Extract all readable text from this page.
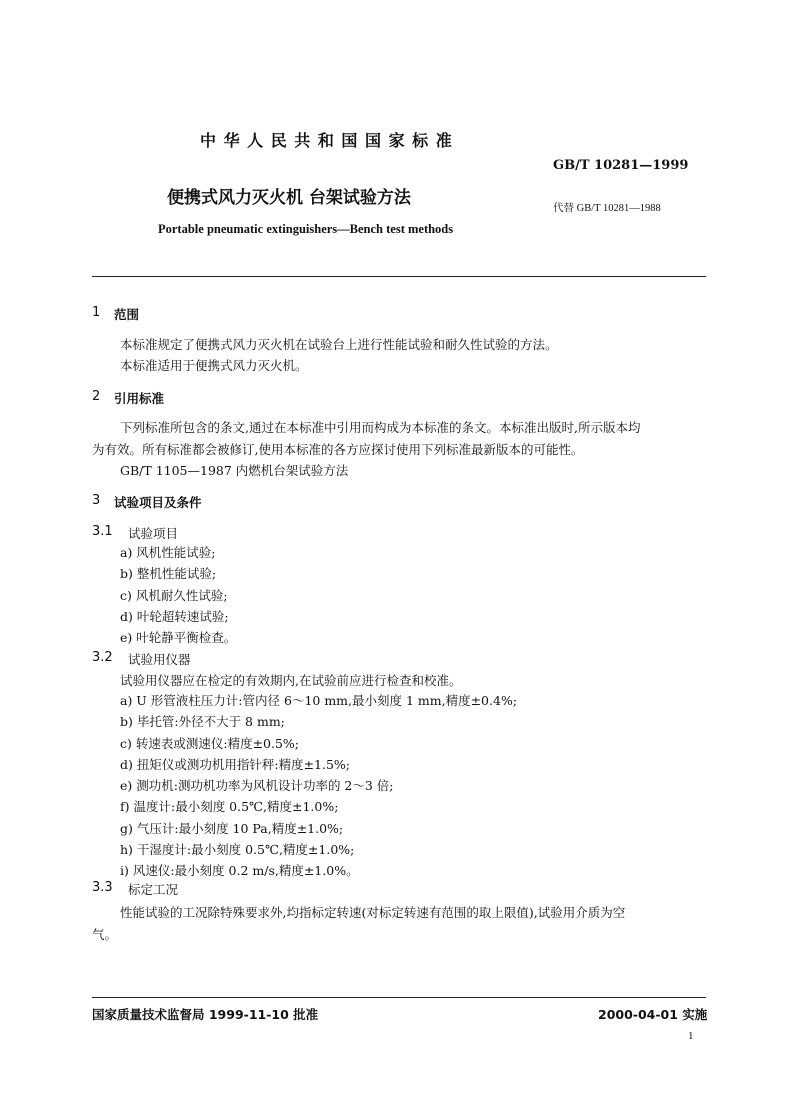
中 华 人 民 共 和 国 国 家 标 准
GB/T 10281—1999
便携式风力灭火机 台架试验方法
代替 GB/T 10281—1988
Portable pneumatic extinguishers—Bench test methods
1 范围
本标准规定了便携式风力灭火机在试验台上进行性能试验和耐久性试验的方法。
本标准适用于便携式风力灭火机。
2 引用标准
下列标准所包含的条文,通过在本标准中引用而构成为本标准的条文。本标准出版时,所示版本均
为有效。所有标准都会被修订,使用本标准的各方应探讨使用下列标准最新版本的可能性。
GB/T 1105—1987 内燃机台架试验方法
3 试验项目及条件
3.1 试验项目
a) 风机性能试验;
b) 整机性能试验;
c) 风机耐久性试验;
d) 叶轮超转速试验;
e) 叶轮静平衡检查。
3.2 试验用仪器
试验用仪器应在检定的有效期内,在试验前应进行检查和校准。
a) U 形管液柱压力计:管内径 6～10 mm,最小刻度 1 mm,精度±0.4%;
b) 毕托管:外径不大于 8 mm;
c) 转速表或测速仪:精度±0.5%;
d) 扭矩仪或测功机用指针秤:精度±1.5%;
e) 测功机:测功机功率为风机设计功率的 2～3 倍;
f) 温度计:最小刻度 0.5℃,精度±1.0%;
g) 气压计:最小刻度 10 Pa,精度±1.0%;
h) 干湿度计:最小刻度 0.5℃,精度±1.0%;
i) 风速仪:最小刻度 0.2 m/s,精度±1.0%。
3.3 标定工况
性能试验的工况除特殊要求外,均指标定转速(对标定转速有范围的取上限值),试验用介质为空
气。
国家质量技术监督局 1999-11-10 批准	2000-04-01 实施
1
